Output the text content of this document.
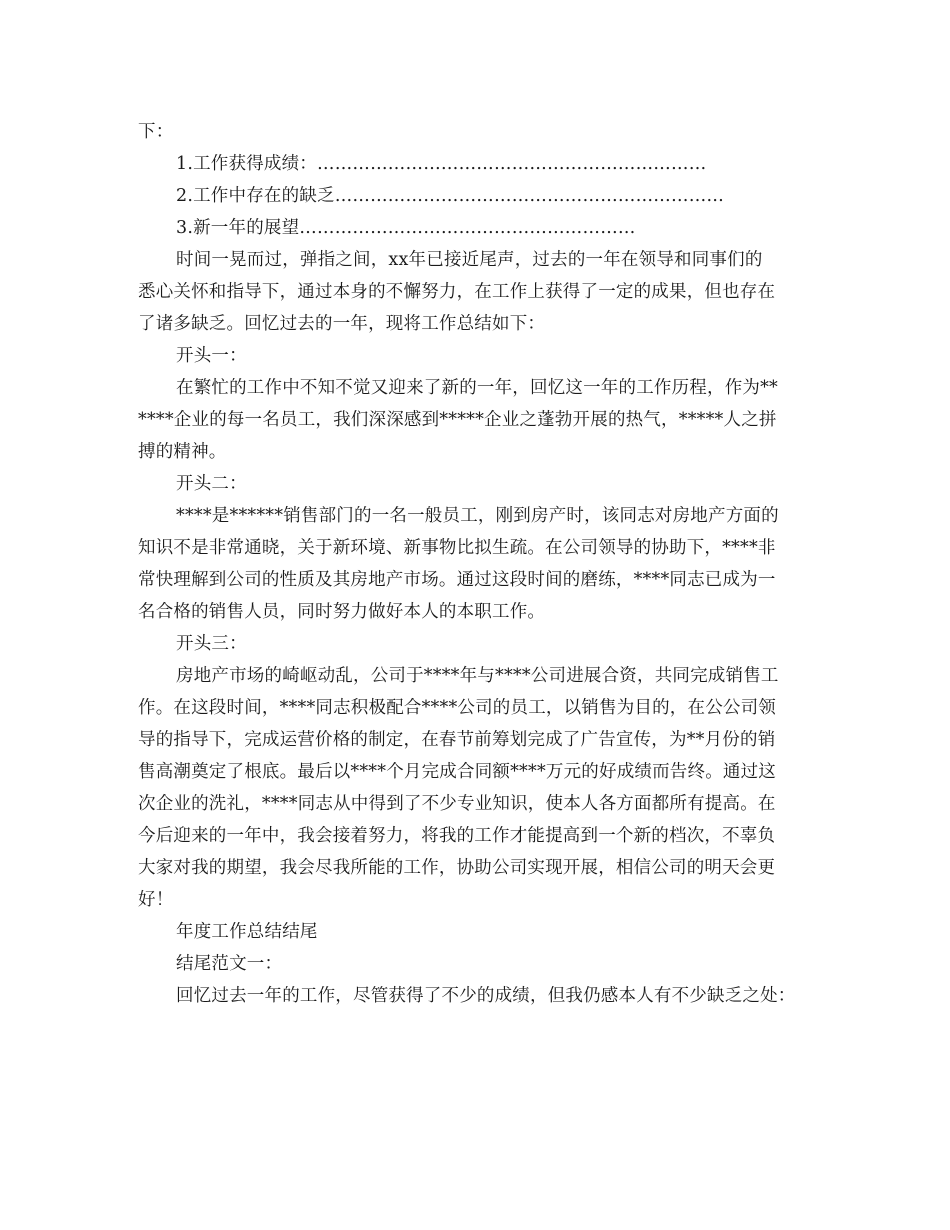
下：
1.工作获得成绩：…………………………………………………………
2.工作中存在的缺乏…………………………………………………………
3.新一年的展望…………………………………………………
时间一晃而过，弹指之间，xx年已接近尾声，过去的一年在领导和同事们的
悉心关怀和指导下，通过本身的不懈努力，在工作上获得了一定的成果，但也存在
了诸多缺乏。回忆过去的一年，现将工作总结如下：
开头一：
在繁忙的工作中不知不觉又迎来了新的一年，回忆这一年的工作历程，作为**
****企业的每一名员工，我们深深感到*****企业之蓬勃开展的热气，*****人之拼
搏的精神。
开头二：
****是******销售部门的一名一般员工，刚到房产时，该同志对房地产方面的
知识不是非常通晓，关于新环境、新事物比拟生疏。在公司领导的协助下，****非
常快理解到公司的性质及其房地产市场。通过这段时间的磨练，****同志已成为一
名合格的销售人员，同时努力做好本人的本职工作。
开头三：
房地产市场的崎岖动乱，公司于****年与****公司进展合资，共同完成销售工
作。在这段时间，****同志积极配合****公司的员工，以销售为目的，在公公司领
导的指导下，完成运营价格的制定，在春节前筹划完成了广告宣传，为**月份的销
售高潮奠定了根底。最后以****个月完成合同额****万元的好成绩而告终。通过这
次企业的洗礼，****同志从中得到了不少专业知识，使本人各方面都所有提高。在
今后迎来的一年中，我会接着努力，将我的工作才能提高到一个新的档次，不辜负
大家对我的期望，我会尽我所能的工作，协助公司实现开展，相信公司的明天会更
好！
年度工作总结结尾
结尾范文一：
回忆过去一年的工作，尽管获得了不少的成绩，但我仍感本人有不少缺乏之处：
